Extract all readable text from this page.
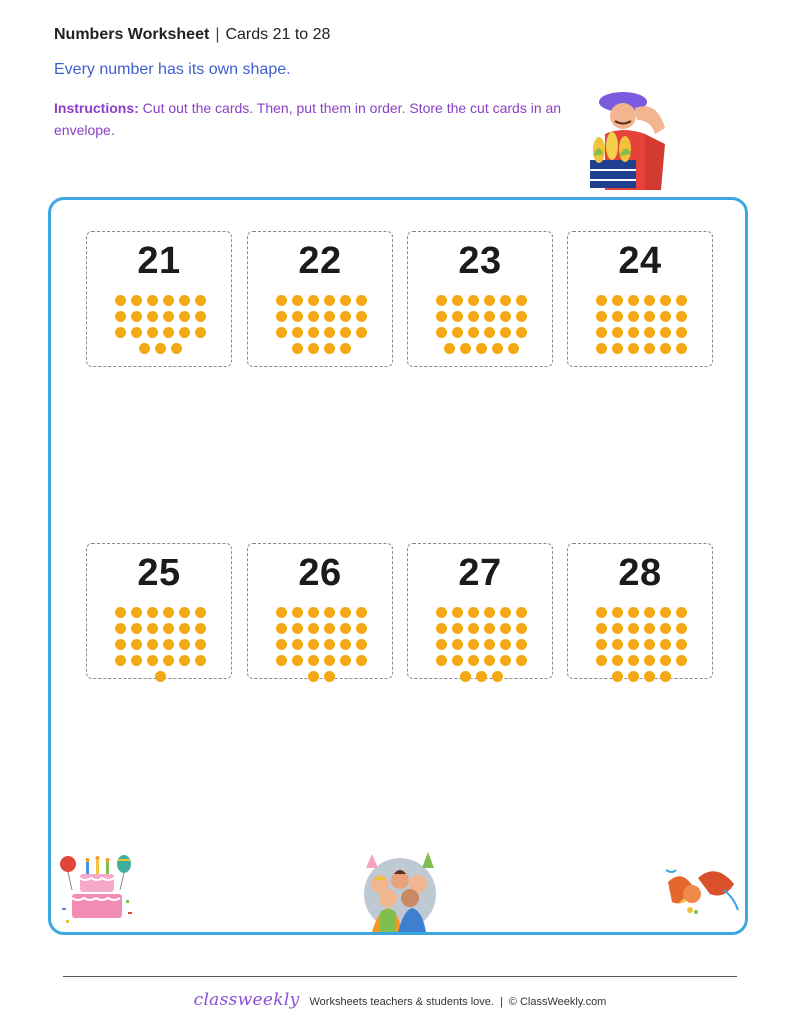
Numbers Worksheet | Cards 21 to 28
Every number has its own shape.
Instructions: Cut out the cards. Then, put them in order. Store the cut cards in an envelope.
21	22	23	24
25	26	27	28
classweekly Worksheets teachers & students love. | © ClassWeekly.com
